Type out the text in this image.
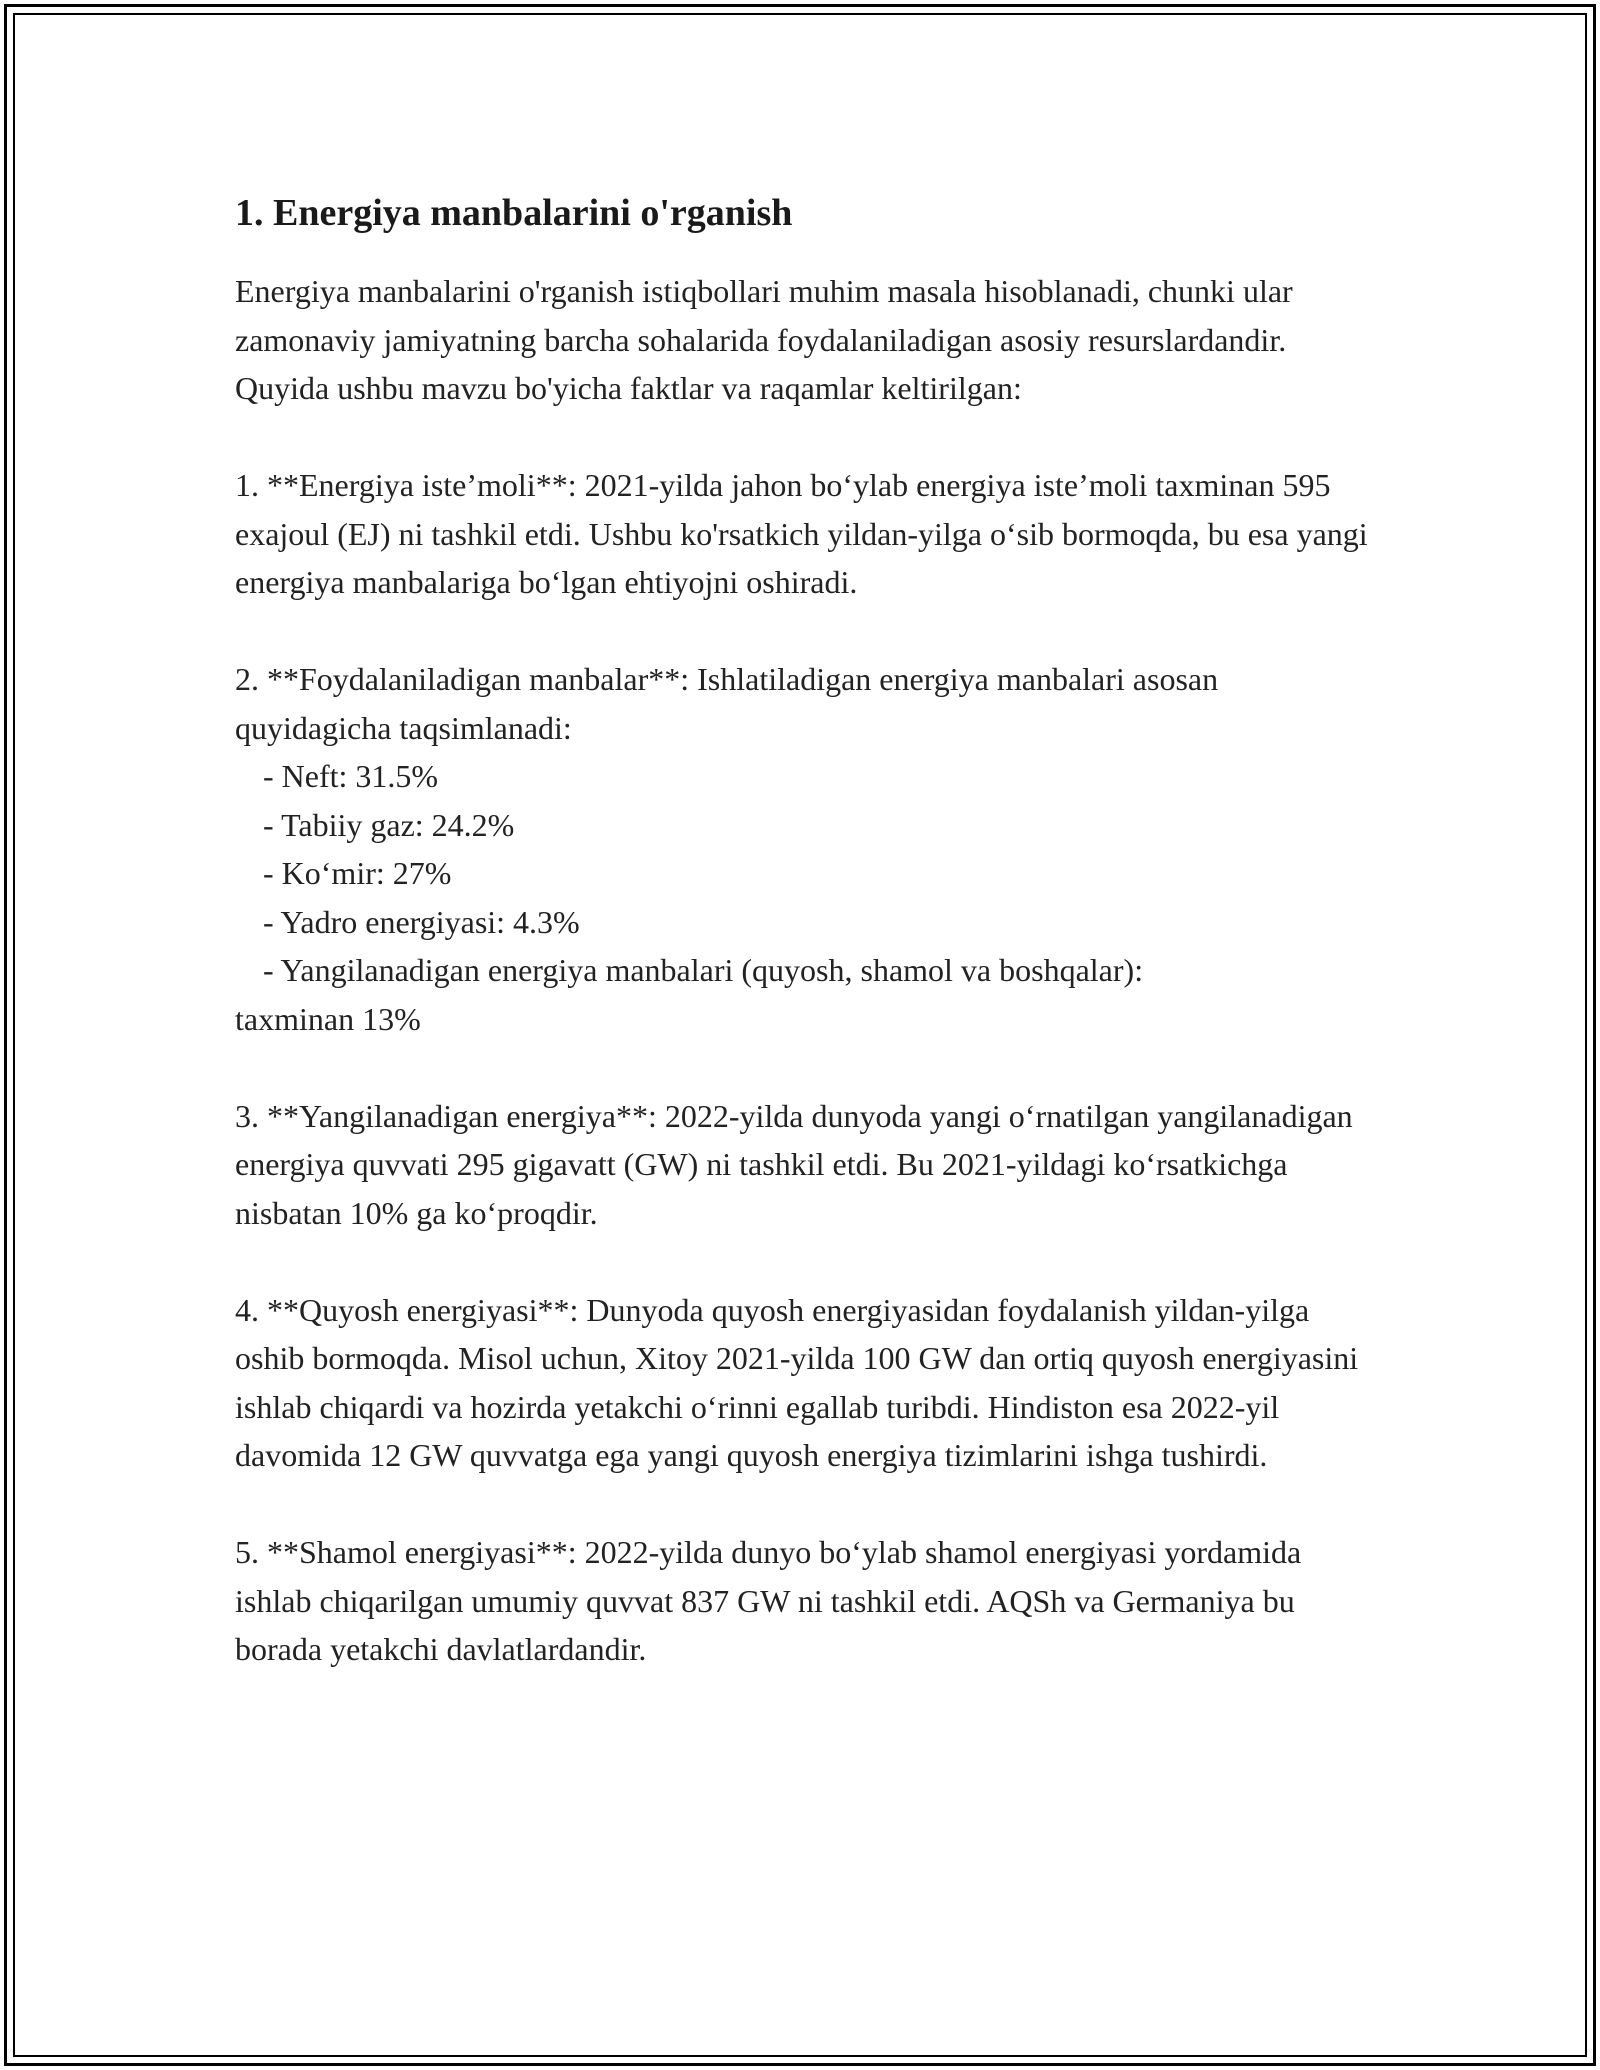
1. Energiya manbalarini o'rganish

Energiya manbalarini o'rganish istiqbollari muhim masala hisoblanadi, chunki ular zamonaviy jamiyatning barcha sohalarida foydalaniladigan asosiy resurslardandir. Quyida ushbu mavzu bo'yicha faktlar va raqamlar keltirilgan:

1. **Energiya iste’moli**: 2021-yilda jahon bo‘ylab energiya iste’moli taxminan 595 exajoul (EJ) ni tashkil etdi. Ushbu ko'rsatkich yildan-yilga o‘sib bormoqda, bu esa yangi energiya manbalariga bo‘lgan ehtiyojni oshiradi.

2. **Foydalaniladigan manbalar**: Ishlatiladigan energiya manbalari asosan quyidagicha taqsimlanadi:

- Neft: 31.5%

- Tabiiy gaz: 24.2%

- Ko‘mir: 27%

- Yadro energiyasi: 4.3%

- Yangilanadigan energiya manbalari (quyosh, shamol va boshqalar):

taxminan 13%

3. **Yangilanadigan energiya**: 2022-yilda dunyoda yangi o‘rnatilgan yangilanadigan energiya quvvati 295 gigavatt (GW) ni tashkil etdi. Bu 2021-yildagi ko‘rsatkichga nisbatan 10% ga ko‘proqdir.

4. **Quyosh energiyasi**: Dunyoda quyosh energiyasidan foydalanish yildan-yilga oshib bormoqda. Misol uchun, Xitoy 2021-yilda 100 GW dan ortiq quyosh energiyasini ishlab chiqardi va hozirda yetakchi o‘rinni egallab turibdi. Hindiston esa 2022-yil davomida 12 GW quvvatga ega yangi quyosh energiya tizimlarini ishga tushirdi.

5. **Shamol energiyasi**: 2022-yilda dunyo bo‘ylab shamol energiyasi yordamida ishlab chiqarilgan umumiy quvvat 837 GW ni tashkil etdi. AQSh va Germaniya bu borada yetakchi davlatlardandir.
